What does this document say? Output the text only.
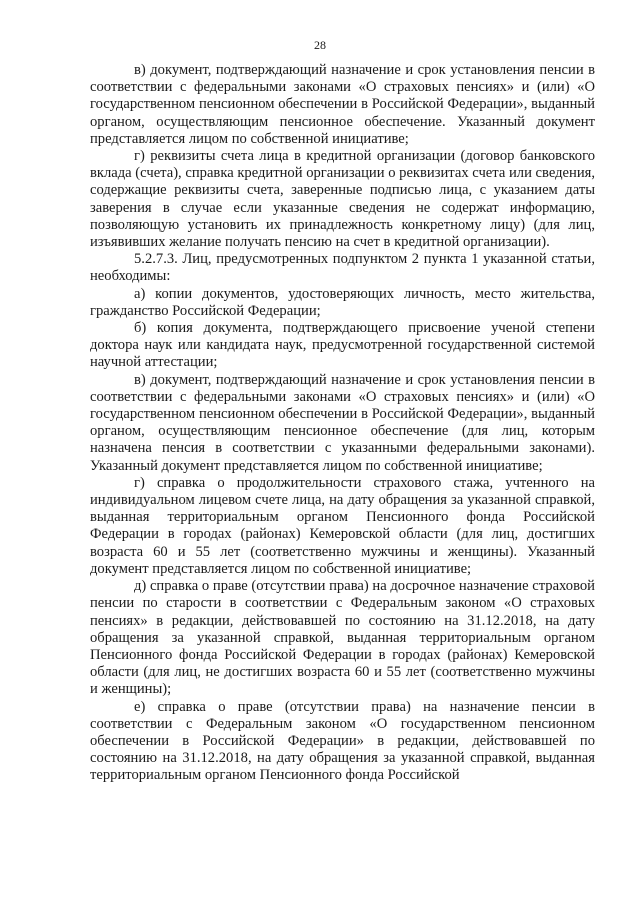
28

в) документ, подтверждающий назначение и срок установления пенсии в соответствии с федеральными законами «О страховых пенсиях» и (или) «О государственном пенсионном обеспечении в Российской Федерации», выданный органом, осуществляющим пенсионное обеспечение. Указанный документ представляется лицом по собственной инициативе;

г) реквизиты счета лица в кредитной организации (договор банковского вклада (счета), справка кредитной организации о реквизитах счета или сведения, содержащие реквизиты счета, заверенные подписью лица, с указанием даты заверения в случае если указанные сведения не содержат информацию, позволяющую установить их принадлежность конкретному лицу) (для лиц, изъявивших желание получать пенсию на счет в кредитной организации).

5.2.7.3. Лиц, предусмотренных подпунктом 2 пункта 1 указанной статьи, необходимы:

а) копии документов, удостоверяющих личность, место жительства, гражданство Российской Федерации;

б) копия документа, подтверждающего присвоение ученой степени доктора наук или кандидата наук, предусмотренной государственной системой научной аттестации;

в) документ, подтверждающий назначение и срок установления пенсии в соответствии с федеральными законами «О страховых пенсиях» и (или) «О государственном пенсионном обеспечении в Российской Федерации», выданный органом, осуществляющим пенсионное обеспечение (для лиц, которым назначена пенсия в соответствии с указанными федеральными законами). Указанный документ представляется лицом по собственной инициативе;

г) справка о продолжительности страхового стажа, учтенного на индивидуальном лицевом счете лица, на дату обращения за указанной справкой, выданная территориальным органом Пенсионного фонда Российской Федерации в городах (районах) Кемеровской области (для лиц, достигших возраста 60 и 55 лет (соответственно мужчины и женщины). Указанный документ представляется лицом по собственной инициативе;

д) справка о праве (отсутствии права) на досрочное назначение страховой пенсии по старости в соответствии с Федеральным законом «О страховых пенсиях» в редакции, действовавшей по состоянию на 31.12.2018, на дату обращения за указанной справкой, выданная территориальным органом Пенсионного фонда Российской Федерации в городах (районах) Кемеровской области (для лиц, не достигших возраста 60 и 55 лет (соответственно мужчины и женщины);

е) справка о праве (отсутствии права) на назначение пенсии в соответствии с Федеральным законом «О государственном пенсионном обеспечении в Российской Федерации» в редакции, действовавшей по состоянию на 31.12.2018, на дату обращения за указанной справкой, выданная территориальным органом Пенсионного фонда Российской
